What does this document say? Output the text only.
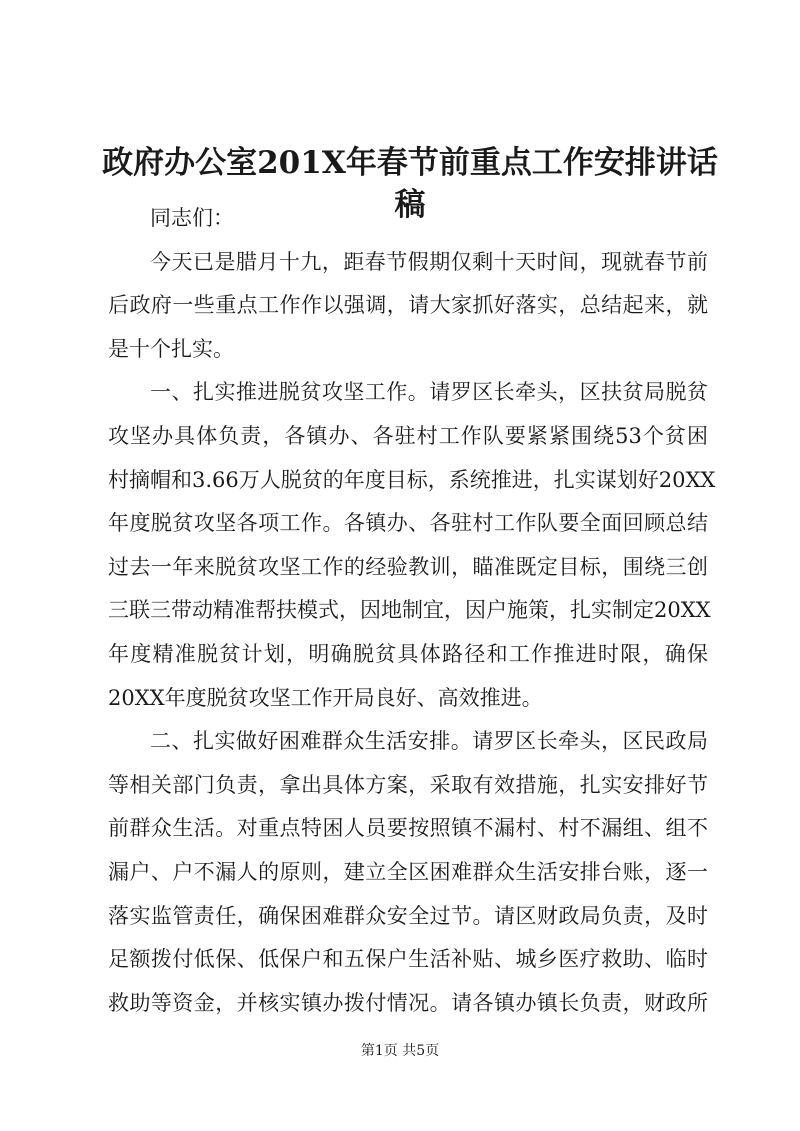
政府办公室201X年春节前重点工作安排讲话
稿
同志们：
今天已是腊月十九，距春节假期仅剩十天时间，现就春节前
后政府一些重点工作作以强调，请大家抓好落实，总结起来，就
是十个扎实。
一、扎实推进脱贫攻坚工作。请罗区长牵头，区扶贫局脱贫
攻坚办具体负责，各镇办、各驻村工作队要紧紧围绕53个贫困
村摘帽和3.66万人脱贫的年度目标，系统推进，扎实谋划好20XX
年度脱贫攻坚各项工作。各镇办、各驻村工作队要全面回顾总结
过去一年来脱贫攻坚工作的经验教训，瞄准既定目标，围绕三创
三联三带动精准帮扶模式，因地制宜，因户施策，扎实制定20XX
年度精准脱贫计划，明确脱贫具体路径和工作推进时限，确保
20XX年度脱贫攻坚工作开局良好、高效推进。
二、扎实做好困难群众生活安排。请罗区长牵头，区民政局
等相关部门负责，拿出具体方案，采取有效措施，扎实安排好节
前群众生活。对重点特困人员要按照镇不漏村、村不漏组、组不
漏户、户不漏人的原则，建立全区困难群众生活安排台账，逐一
落实监管责任，确保困难群众安全过节。请区财政局负责，及时
足额拨付低保、低保户和五保户生活补贴、城乡医疗救助、临时
救助等资金，并核实镇办拨付情况。请各镇办镇长负责，财政所
第1页 共5页
